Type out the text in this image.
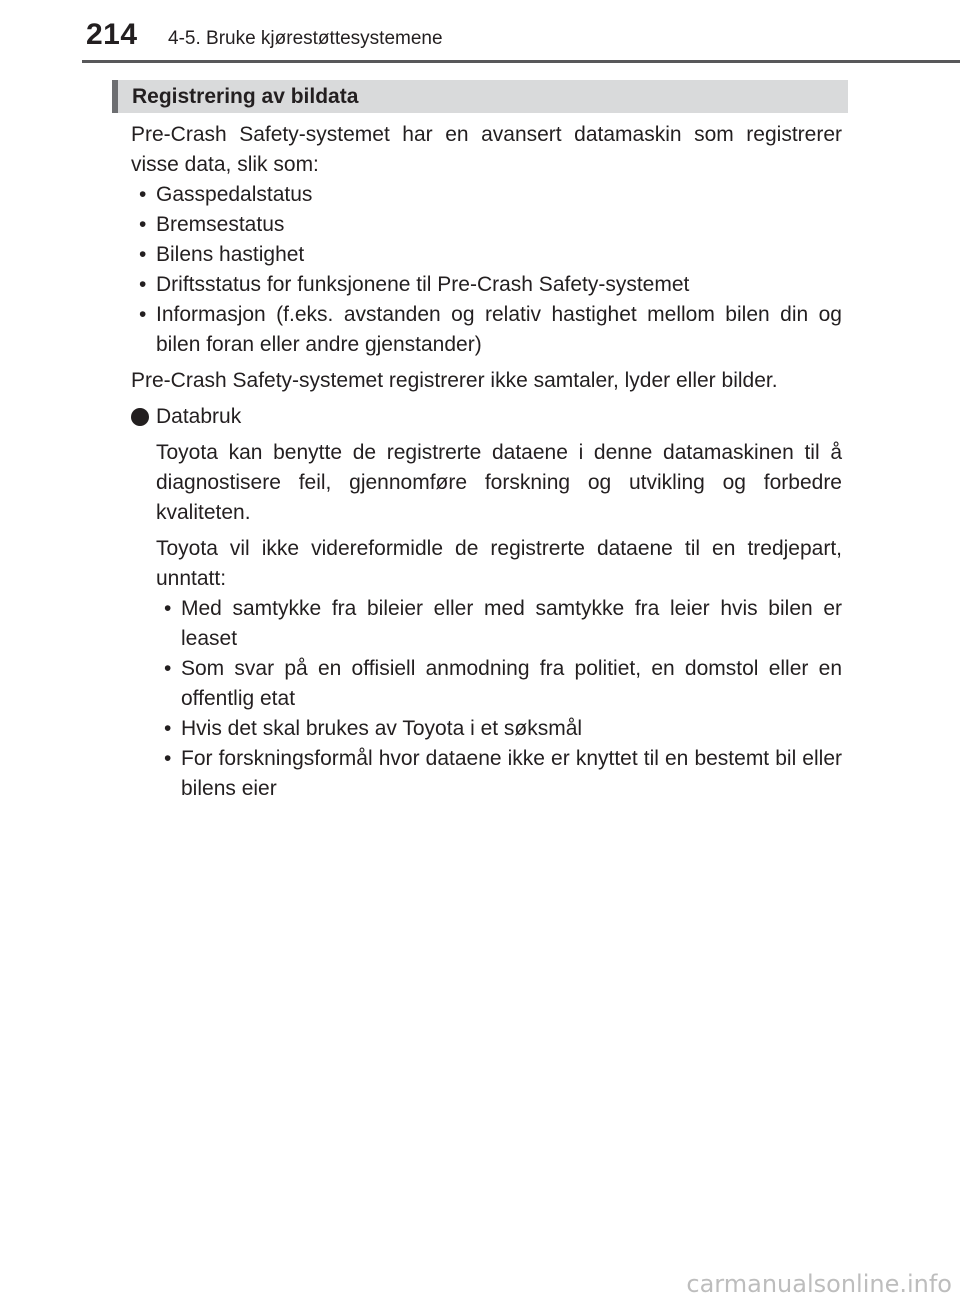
214 4-5. Bruke kjørestøttesystemene
Registrering av bildata

Pre-Crash Safety-systemet har en avansert datamaskin som registrerer visse data, slik som:

• Gasspedalstatus
• Bremsestatus
• Bilens hastighet
• Driftsstatus for funksjonene til Pre-Crash Safety-systemet
• Informasjon (f.eks. avstanden og relativ hastighet mellom bilen din og bilen foran eller andre gjenstander)

Pre-Crash Safety-systemet registrerer ikke samtaler, lyder eller bilder.

Databruk

Toyota kan benytte de registrerte dataene i denne datamaskinen til å diagnostisere feil, gjennomføre forskning og utvikling og forbedre kvaliteten.

Toyota vil ikke videreformidle de registrerte dataene til en tredjepart, unntatt:

• Med samtykke fra bileier eller med samtykke fra leier hvis bilen er leaset
• Som svar på en offisiell anmodning fra politiet, en domstol eller en offentlig etat
• Hvis det skal brukes av Toyota i et søksmål
• For forskningsformål hvor dataene ikke er knyttet til en bestemt bil eller bilens eier
carmanualsonline.info
